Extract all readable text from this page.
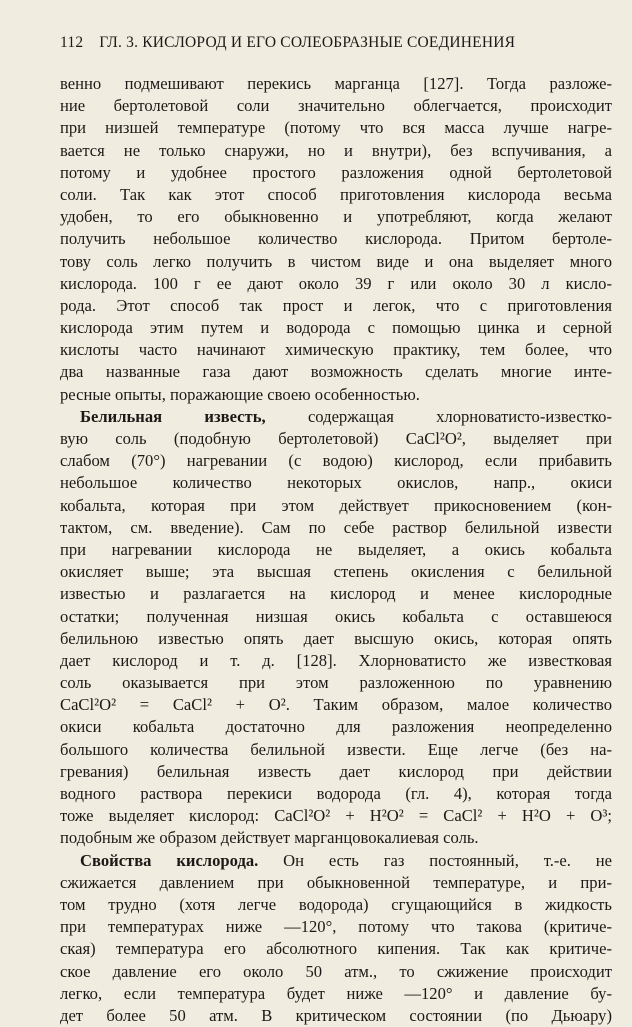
112 ГЛ. 3. КИСЛОРОД И ЕГО СОЛЕОБРАЗНЫЕ СОЕДИНЕНИЯ
венно подмешивают перекись марганца [127]. Тогда разложе-
ние бертолетовой соли значительно облегчается, происходит
при низшей температуре (потому что вся масса лучше нагре-
вается не только снаружи, но и внутри), без вспучивания, а
потому и удобнее простого разложения одной бертолетовой
соли. Так как этот способ приготовления кислорода весьма
удобен, то его обыкновенно и употребляют, когда желают
получить небольшое количество кислорода. Притом бертоле-
тову соль легко получить в чистом виде и она выделяет много
кислорода. 100 г ее дают около 39 г или около 30 л кисло-
рода. Этот способ так прост и легок, что с приготовления
кислорода этим путем и водорода с помощью цинка и серной
кислоты часто начинают химическую практику, тем более, что
два названные газа дают возможность сделать многие инте-
ресные опыты, поражающие своею особенностью.
Белильная известь,	содержащая хлорноватисто-известко-
вую соль (подобную бертолетовой) CaCl²O², выделяет при
слабом (70°) нагревании (с водою) кислород, если прибавить
небольшое количество некоторых окислов, напр., окиси
кобальта, которая при этом действует прикосновением (кон-
тактом, см. введение). Сам по себе раствор белильной извести
при нагревании кислорода не выделяет, а окись кобальта
окисляет выше; эта высшая степень окисления с белильной
известью и разлагается на кислород и менее кислородные
остатки; полученная низшая окись кобальта с оставшеюся
белильною известью опять дает высшую окись, которая опять
дает кислород и т. д. [128]. Хлорноватисто же известковая
соль оказывается при этом разложенною по уравнению
CaCl²O² = CaCl² + O². Таким образом, малое количество
окиси кобальта достаточно для разложения неопределенно
большого количества белильной извести. Еще легче (без на-
гревания) белильная известь дает кислород при действии
водного раствора перекиси водорода (гл. 4), которая тогда
тоже выделяет кислород: CaCl²O² + H²O² = CaCl² + H²O + O³;
подобным же образом действует марганцовокалиевая соль.
Свойства кислорода. Он есть газ постоянный, т.-е. не
сжижается давлением при обыкновенной температуре, и при-
том трудно (хотя легче водорода) сгущающийся в жидкость
при температурах ниже —120°, потому что такова (критиче-
ская) температура его абсолютного кипения. Так как критиче-
ское давление его около 50 атм., то сжижение происходит
легко, если температура будет ниже —120° и давление бу-
дет более 50 атм. В критическом состоянии (по Дьюару)
